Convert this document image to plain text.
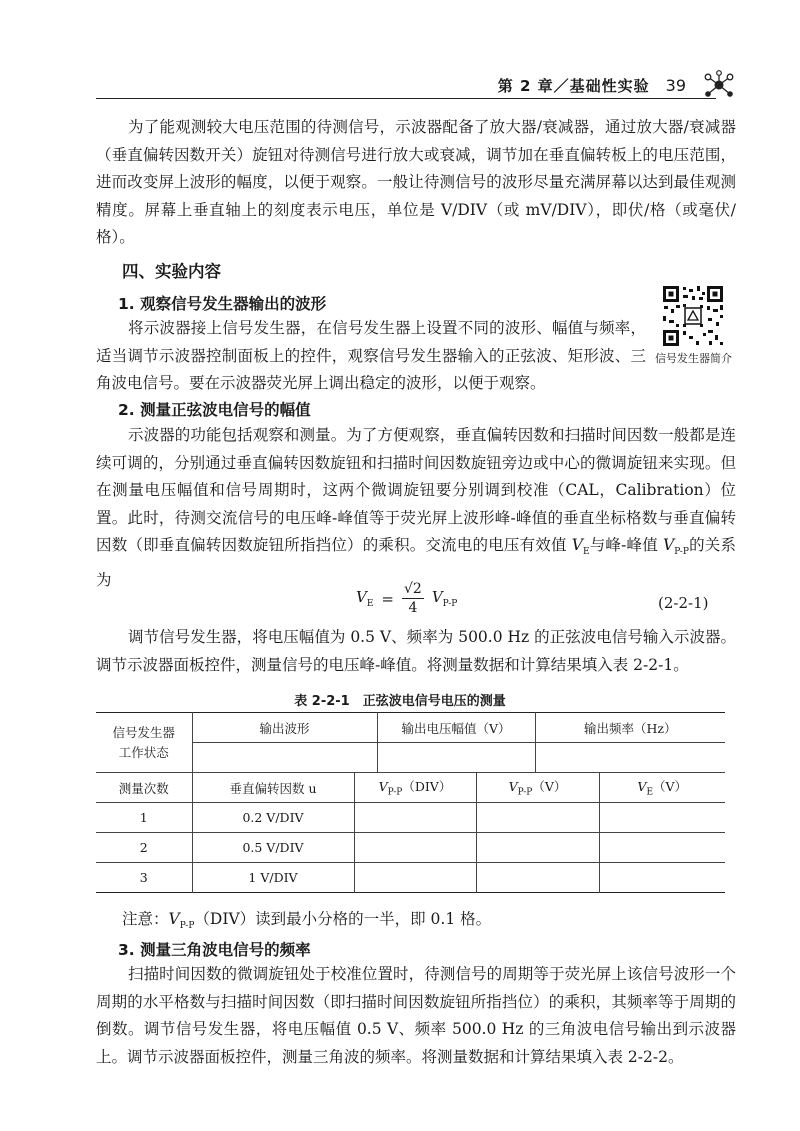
第 2 章／基础性实验 39

为了能观测较大电压范围的待测信号，示波器配备了放大器/衰减器，通过放大器/衰减器（垂直偏转因数开关）旋钮对待测信号进行放大或衰减，调节加在垂直偏转板上的电压范围，进而改变屏上波形的幅度，以便于观察。一般让待测信号的波形尽量充满屏幕以达到最佳观测精度。屏幕上垂直轴上的刻度表示电压，单位是 V/DIV（或 mV/DIV），即伏/格（或毫伏/格）。

四、实验内容
1. 观察信号发生器输出的波形

将示波器接上信号发生器，在信号发生器上设置不同的波形、幅值与频率，适当调节示波器控制面板上的控件，观察信号发生器输入的正弦波、矩形波、三角波电信号。要在示波器荧光屏上调出稳定的波形，以便于观察。

信号发生器简介
2. 测量正弦波电信号的幅值

示波器的功能包括观察和测量。为了方便观察，垂直偏转因数和扫描时间因数一般都是连续可调的，分别通过垂直偏转因数旋钮和扫描时间因数旋钮旁边或中心的微调旋钮来实现。但在测量电压幅值和信号周期时，这两个微调旋钮要分别调到校准（CAL，Calibration）位置。此时，待测交流信号的电压峰-峰值等于荧光屏上波形峰-峰值的垂直坐标格数与垂直偏转因数（即垂直偏转因数旋钮所指挡位）的乘积。交流电的电压有效值 $V_E$与峰-峰值 $V_{P-P}$的关系为

$V_E = \frac{√2}{4} V_{P-P}$	(2-2-1)

调节信号发生器，将电压幅值为 0.5 V、频率为 500.0 Hz 的正弦波电信号输入示波器。调节示波器面板控件，测量信号的电压峰-峰值。将测量数据和计算结果填入表 2-2-1。

表 2-2-1　正弦波电信号电压的测量
信号发生器
工作状态	输出波形	输出电压幅值（V）	输出频率（Hz）

测量次数	垂直偏转因数 u	$V_{P-P}(DIV)$	$V_{P-P}(V)$	$V_E(V)$
1	0.2 V/DIV			
2	0.5 V/DIV			
3	1 V/DIV			

注意：$V_{P-P}(DIV)$读到最小分格的一半，即 0.1 格。

3. 测量三角波电信号的频率

扫描时间因数的微调旋钮处于校准位置时，待测信号的周期等于荧光屏上该信号波形一个周期的水平格数与扫描时间因数（即扫描时间因数旋钮所指挡位）的乘积，其频率等于周期的倒数。调节信号发生器，将电压幅值 0.5 V、频率 500.0 Hz 的三角波电信号输出到示波器上。调节示波器面板控件，测量三角波的频率。将测量数据和计算结果填入表 2-2-2。
